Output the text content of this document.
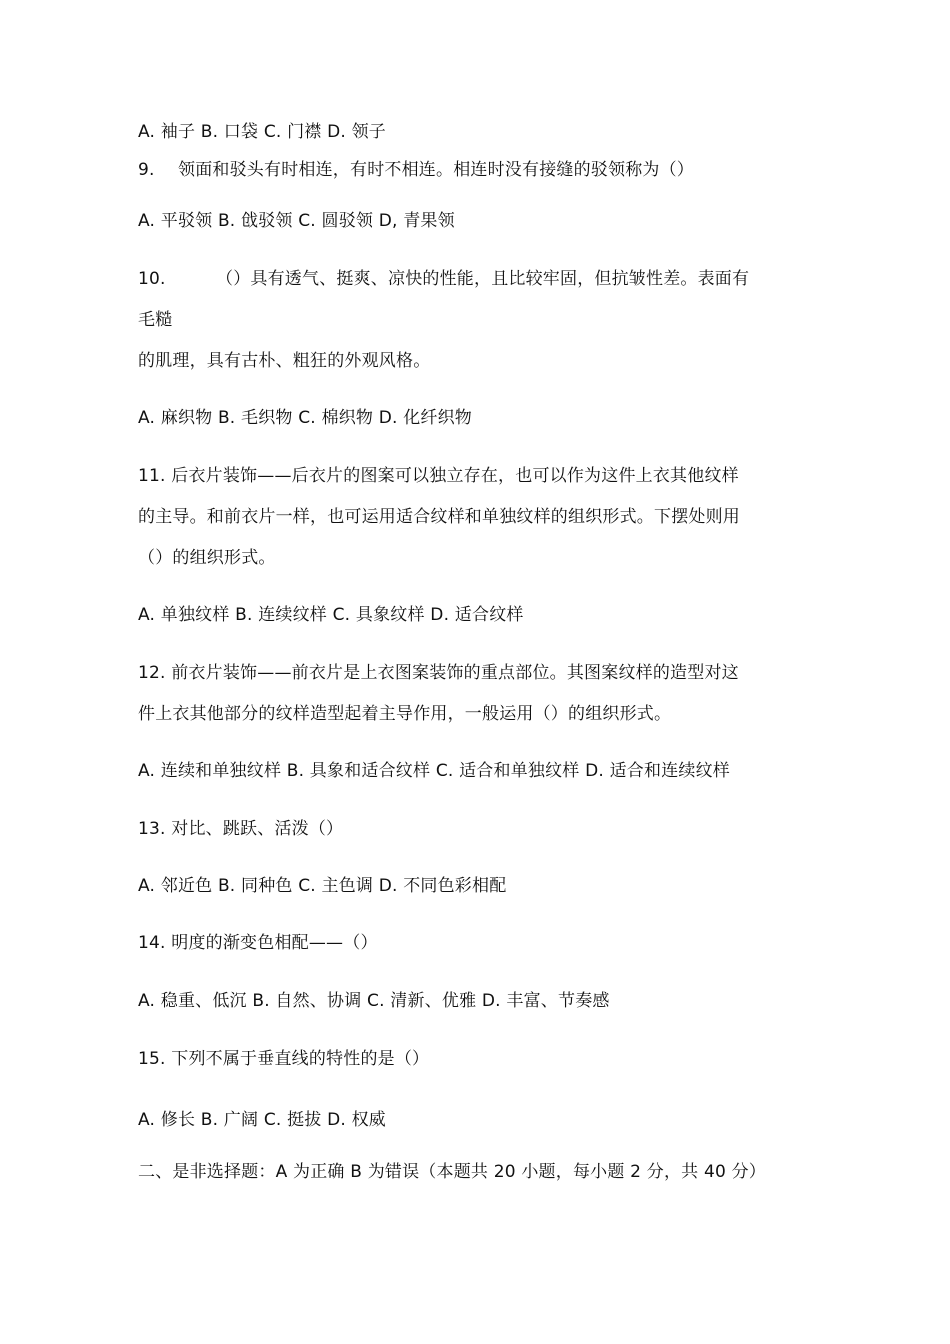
A. 袖子 B. 口袋 C. 门襟 D. 领子
9. 领面和驳头有时相连，有时不相连。相连时没有接缝的驳领称为（）
A. 平驳领 B. 戗驳领 C. 圆驳领 D, 青果领
10.	（）具有透气、挺爽、凉快的性能，且比较牢固，但抗皱性差。表面有
毛糙
的肌理，具有古朴、粗狂的外观风格。
A. 麻织物 B. 毛织物 C. 棉织物 D. 化纤织物
11. 后衣片装饰——后衣片的图案可以独立存在，也可以作为这件上衣其他纹样
的主导。和前衣片一样，也可运用适合纹样和单独纹样的组织形式。下摆处则用
（）的组织形式。
A. 单独纹样 B. 连续纹样 C. 具象纹样 D. 适合纹样
12. 前衣片装饰——前衣片是上衣图案装饰的重点部位。其图案纹样的造型对这
件上衣其他部分的纹样造型起着主导作用，一般运用（）的组织形式。
A. 连续和单独纹样 B. 具象和适合纹样 C. 适合和单独纹样 D. 适合和连续纹样
13. 对比、跳跃、活泼（）
A. 邻近色 B. 同种色 C. 主色调 D. 不同色彩相配
14. 明度的渐变色相配——（）
A. 稳重、低沉 B. 自然、协调 C. 清新、优雅 D. 丰富、节奏感
15. 下列不属于垂直线的特性的是（）
A. 修长 B. 广阔 C. 挺拔 D. 权威
二、是非选择题：A 为正确 B 为错误（本题共 20 小题，每小题 2 分，共 40 分）
